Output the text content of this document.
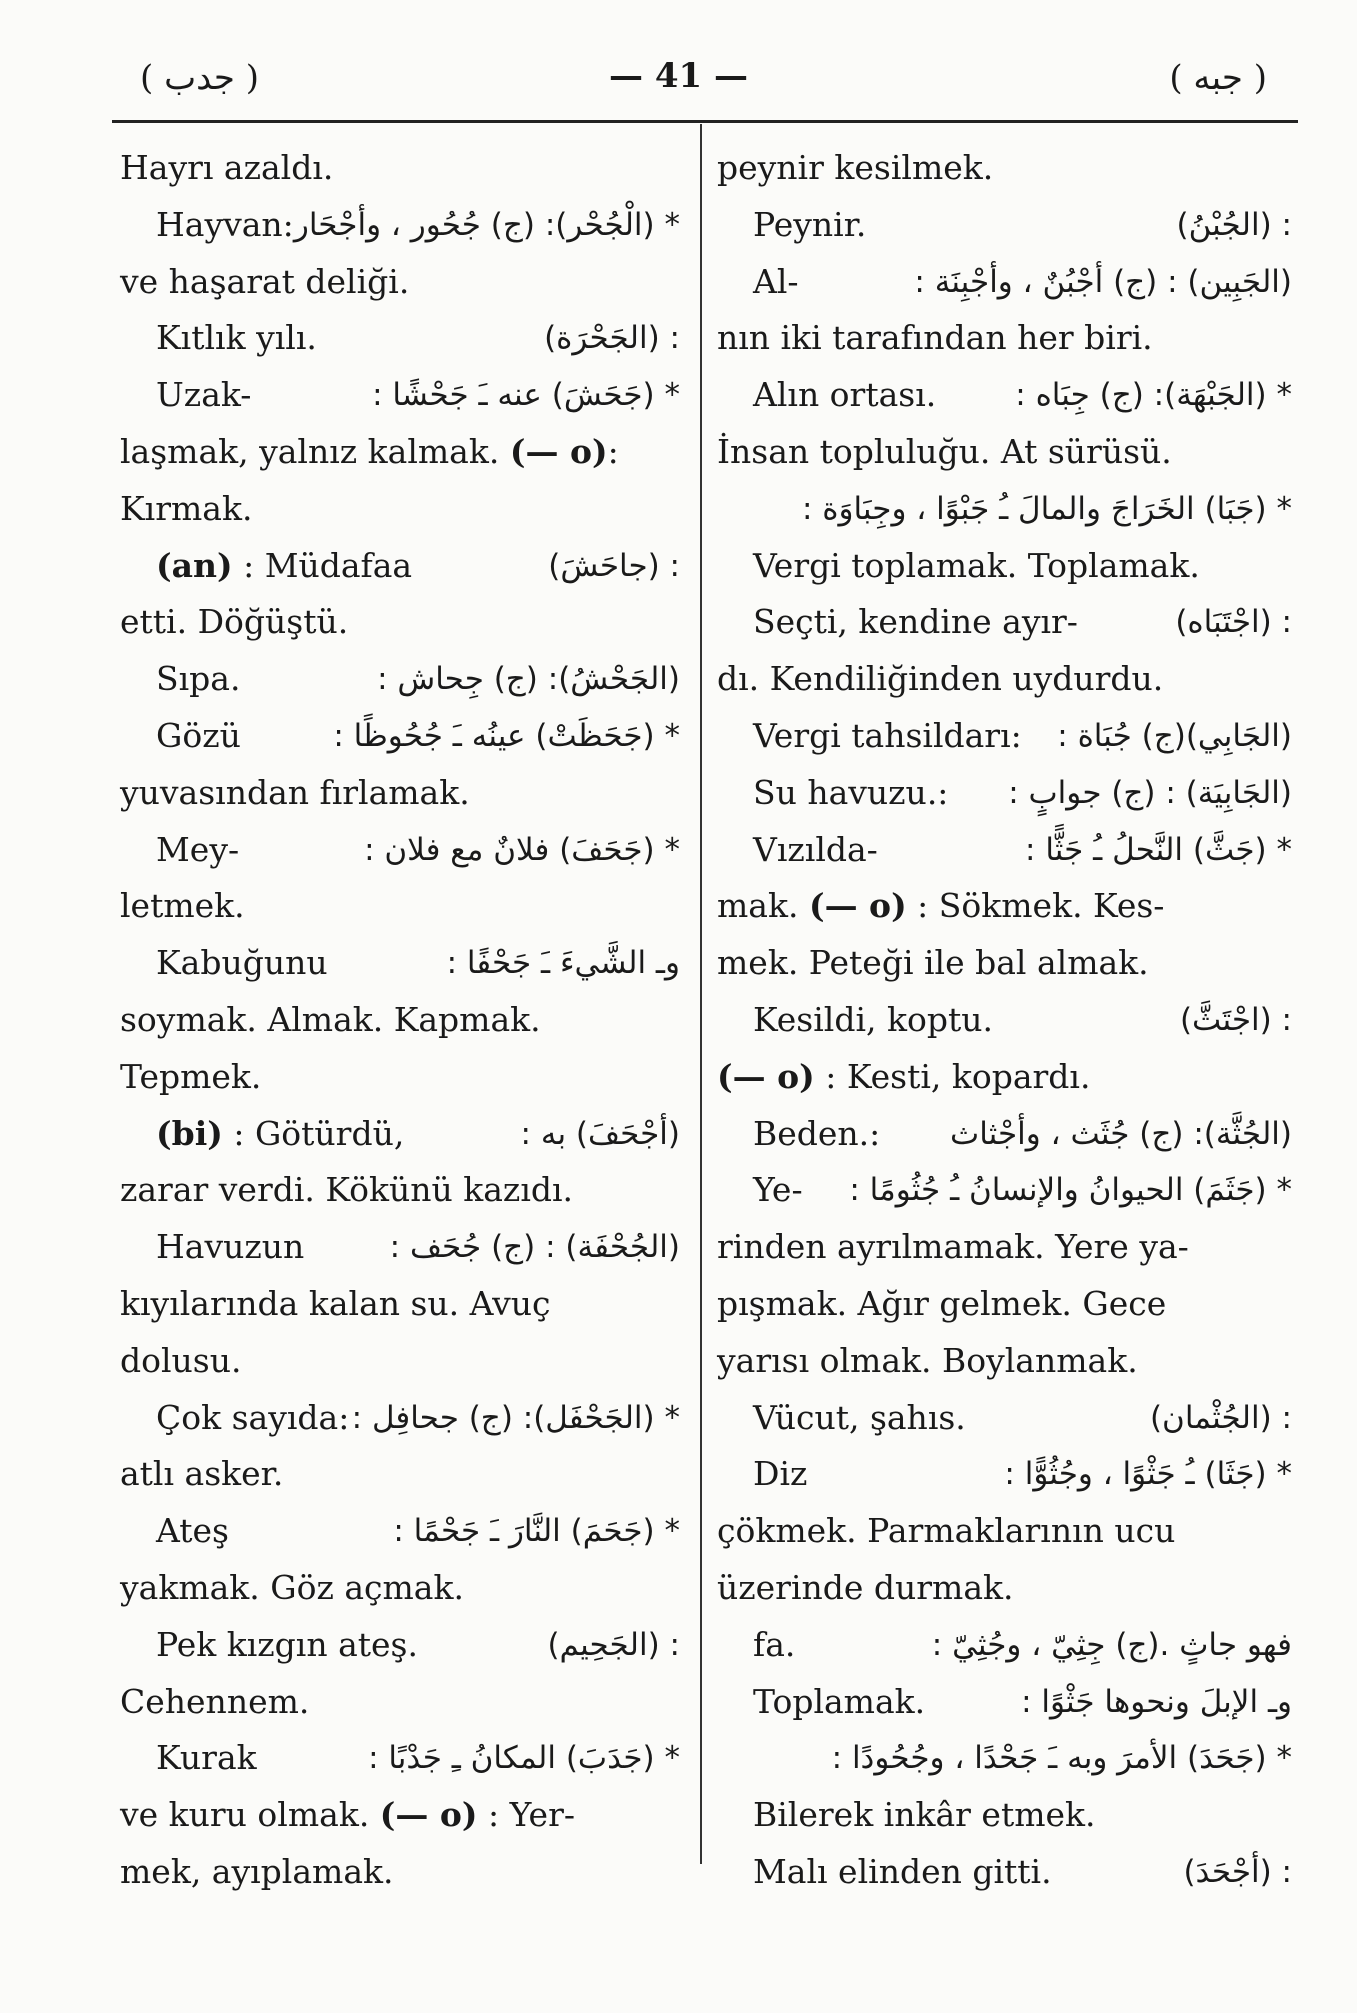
( جدب )	— 41 —	( جبه )
Hayrı azaldı.
Hayvan: * (الْجُحْر): (ج) جُحُور ، وأجْحَار
ve haşarat deliği.
Kıtlık yılı.	: (الجَحْرَة)
Uzak-	* (جَحَشَ) عنه ـَ جَحْشًا :
laşmak, yalnız kalmak. (— o):
Kırmak.
(an) : Müdafaa	: (جاحَشَ)
etti. Döğüştü.
Sıpa.	(الجَحْشُ): (ج) جِحاش :
Gözü	* (جَحَظَتْ) عينُه ـَ جُحُوظًا :
yuvasından fırlamak.
Mey-	* (جَحَفَ) فلانٌ مع فلان :
letmek.
Kabuğunu	وـ الشَّيءَ ـَ جَحْفًا :
soymak. Almak. Kapmak.
Tepmek.
(bi) : Götürdü,	(أجْحَفَ) به :
zarar verdi. Kökünü kazıdı.
Havuzun	(الجُحْفَة) : (ج) جُحَف :
kıyılarında kalan su. Avuç
dolusu.
Çok sayıda: * (الجَحْفَل): (ج) جحافِل :
atlı asker.
Ateş	* (جَحَمَ) النَّارَ ـَ جَحْمًا :
yakmak. Göz açmak.
Pek kızgın ateş.	: (الجَحِيم)
Cehennem.
Kurak	* (جَدَبَ) المكانُ ـِ جَدْبًا :
ve kuru olmak. (— o) : Yer-
mek, ayıplamak.
peynir kesilmek.
Peynir.	: (الجُبْنُ)
Al-	(الجَبِين) : (ج) أجْبُنٌ ، وأجْبِنَة :
nın iki tarafından her biri.
Alın ortası.	* (الجَبْهَة): (ج) جِبَاه :
İnsan topluluğu. At sürüsü.
* (جَبَا) الخَرَاجَ والمالَ ـُ جَبْوًا ، وجِبَاوَة :
Vergi toplamak. Toplamak.
Seçti, kendine ayır-	: (اجْتَبَاه)
dı. Kendiliğinden uydurdu.
Vergi tahsildarı: (الجَابِي)(ج) جُبَاة :
Su havuzu.: (الجَابِيَة) : (ج) جوابٍ :
Vızılda-	* (جَثَّ) النَّحلُ ـُ جَثًّا :
mak. (— o) : Sökmek. Kes-
mek. Peteği ile bal almak.
Kesildi, koptu.	: (اجْتَثَّ)
(— o) : Kesti, kopardı.
Beden.: (الجُثَّة): (ج) جُثَث ، وأجْثاث
Ye- * (جَثَمَ) الحيوانُ والإنسانُ ـُ جُثُومًا :
rinden ayrılmamak. Yere ya-
pışmak. Ağır gelmek. Gece
yarısı olmak. Boylanmak.
Vücut, şahıs.	: (الجُثْمان)
Diz	* (جَثَا) ـُ جَثْوًا ، وجُثُوًّا :
çökmek. Parmaklarının ucu
üzerinde durmak.
fa.	فهو جاثٍ .(ج) جِثِيّ ، وجُثِيّ :
Toplamak.	وـ الإبلَ ونحوها جَثْوًا :
* (جَحَدَ) الأمرَ وبه ـَ جَحْدًا ، وجُحُودًا :
Bilerek inkâr etmek.
Malı elinden gitti.	: (أجْحَدَ)
